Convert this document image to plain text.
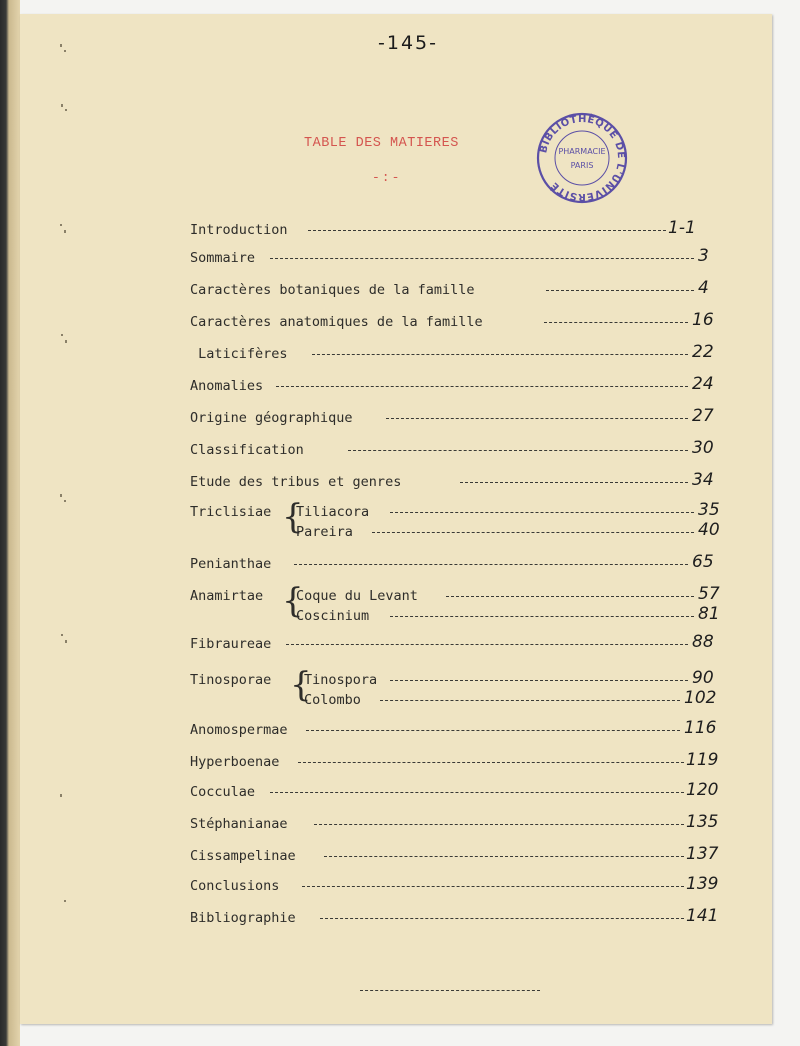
-145-
TABLE DES MATIERES
-:-
BIBLIOTHÈQUE DE L'UNIVERSITÉ
PHARMACIE
PARIS
Introduction	1-1
Sommaire	3
Caractères botaniques de la famille	4
Caractères anatomiques de la famille	16
Laticifères	22
Anomalies	24
Origine géographique	27
Classification	30
Etude des tribus et genres	34
Triclisiae {
Tiliacora	35
Pareira	40
Penianthae	65
Anamirtae {
Coque du Levant	57
Coscinium	81
Fibraureae	88
Tinosporae {
Tinospora	90
Colombo	102
Anomospermae	116
Hyperboenae	119
Cocculae	120
Stéphanianae	135
Cissampelinae	137
Conclusions	139
Bibliographie	141
